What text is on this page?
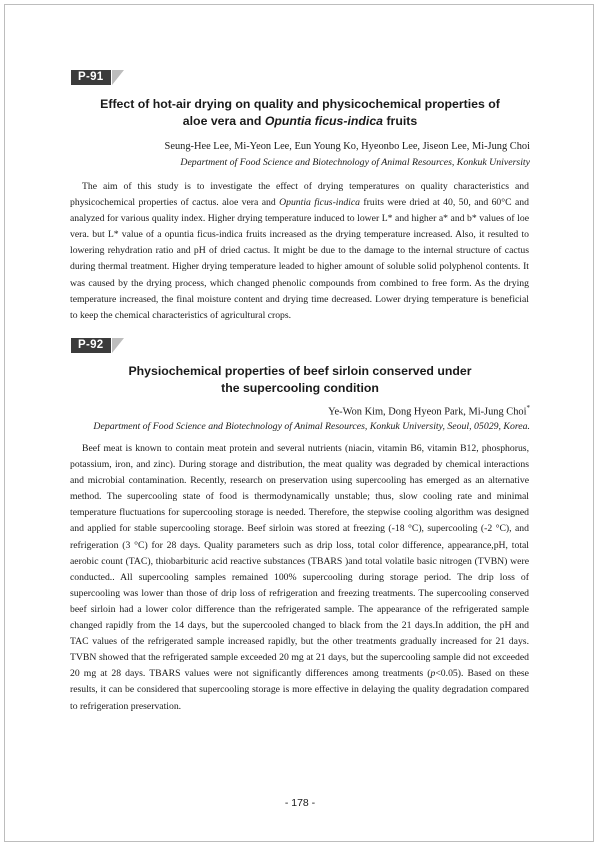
P-91
Effect of hot-air drying on quality and physicochemical properties of
aloe vera and Opuntia ficus-indica fruits
Seung-Hee Lee, Mi-Yeon Lee, Eun Young Ko, Hyeonbo Lee, Jiseon Lee, Mi-Jung Choi
Department of Food Science and Biotechnology of Animal Resources, Konkuk University

The aim of this study is to investigate the effect of drying temperatures on quality characteristics and physicochemical properties of cactus. aloe vera and Opuntia ficus-indica fruits were dried at 40, 50, and 60°C and analyzed for various quality index. Higher drying temperature induced to lower L* and higher a* and b* values of loe vera. but L* value of a opuntia ficus-indica fruits increased as the drying temperature increased. Also, it resulted to lowering rehydration ratio and pH of dried cactus. It might be due to the damage to the internal structure of cactus during thermal treatment. Higher drying temperature leaded to higher amount of soluble solid polyphenol contents. It was caused by the drying process, which changed phenolic compounds from combined to free form. As the drying temperature increased, the final moisture content and drying time decreased. Lower drying temperature is beneficial to keep the chemical characteristics of agricultural crops.

P-92
Physiochemical properties of beef sirloin conserved under
the supercooling condition
Ye-Won Kim, Dong Hyeon Park, Mi-Jung Choi*
Department of Food Science and Biotechnology of Animal Resources, Konkuk University, Seoul, 05029, Korea.

Beef meat is known to contain meat protein and several nutrients (niacin, vitamin B6, vitamin B12, phosphorus, potassium, iron, and zinc). During storage and distribution, the meat quality was degraded by chemical interactions and microbial contamination. Recently, research on preservation using supercooling has emerged as an alternative method. The supercooling state of food is thermodynamically unstable; thus, slow cooling rate and minimal temperature fluctuations for supercooling storage is needed. Therefore, the stepwise cooling algorithm was designed and applied for stable supercooling storage. Beef sirloin was stored at freezing (-18 °C), supercooling (-2 °C), and refrigeration (3 °C) for 28 days. Quality parameters such as drip loss, total color difference, appearance,pH, total aerobic count (TAC), thiobarbituric acid reactive substances (TBARS )and total volatile basic nitrogen (TVBN) were conducted.. All supercooling samples remained 100% supercooling during storage period. The drip loss of supercooling was lower than those of drip loss of refrigeration and freezing treatments. The supercooling conserved beef sirloin had a lower color difference than the refrigerated sample. The appearance of the refrigerated sample changed rapidly from the 14 days, but the supercooled changed to black from the 21 days.In addition, the pH and TAC values of the refrigerated sample increased rapidly, but the other treatments gradually increased for 21 days. TVBN showed that the refrigerated sample exceeded 20 mg at 21 days, but the supercooling sample did not exceeded 20 mg at 28 days. TBARS values were not significantly differences among treatments (p<0.05). Based on these results, it can be considered that supercooling storage is more effective in delaying the quality degradation compared to refrigeration preservation.

- 178 -
